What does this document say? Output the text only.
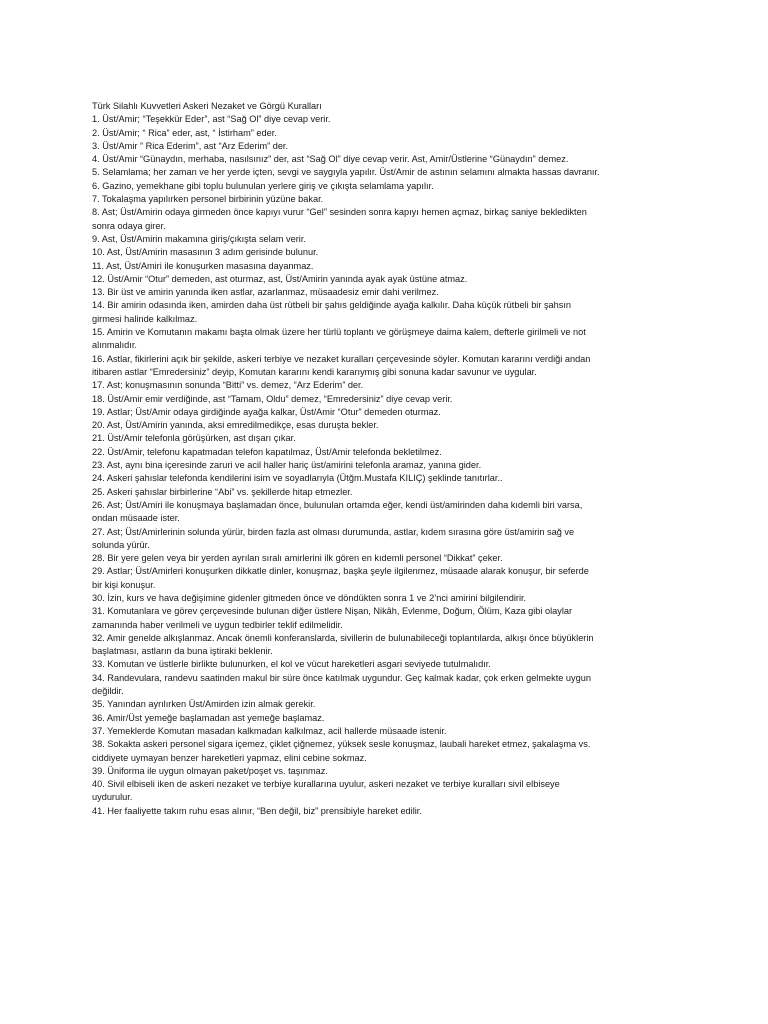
Türk Silahlı Kuvvetleri Askeri Nezaket ve Görgü Kuralları
1. Üst/Amir; “Teşekkür Eder”, ast “Sağ Ol” diye cevap verir.
2. Üst/Amir; “ Rica” eder, ast, “ İstirham” eder.
3. Üst/Amir ” Rica Ederim”, ast “Arz Ederim” der.
4. Üst/Amir “Günaydın, merhaba, nasılsınız” der, ast “Sağ Ol” diye cevap verir. Ast, Amir/Üstlerine “Günaydın” demez.
5. Selamlama; her zaman ve her yerde içten, sevgi ve saygıyla yapılır. Üst/Amir de astının selamını almakta hassas davranır.
6. Gazino, yemekhane gibi toplu bulunulan yerlere giriş ve çıkışta selamlama yapılır.
7. Tokalaşma yapılırken personel birbirinin yüzüne bakar.
8. Ast; Üst/Amirin odaya girmeden önce kapıyı vurur “Gel” sesinden sonra kapıyı hemen açmaz, birkaç saniye bekledikten
sonra odaya girer.
9. Ast, Üst/Amirin makamına giriş/çıkışta selam verir.
10. Ast, Üst/Amirin masasının 3 adım gerisinde bulunur.
11. Ast, Üst/Amiri ile konuşurken masasına dayanmaz.
12. Üst/Amir “Otur” demeden, ast oturmaz, ast, Üst/Amirin yanında ayak ayak üstüne atmaz.
13. Bir üst ve amirin yanında iken astlar, azarlanmaz, müsaadesiz emir dahi verilmez.
14. Bir amirin odasında iken, amirden daha üst rütbeli bir şahıs geldiğinde ayağa kalkılır. Daha küçük rütbeli bir şahsın
girmesi halinde kalkılmaz.
15. Amirin ve Komutanın makamı başta olmak üzere her türlü toplantı ve görüşmeye daima kalem, defterle girilmeli ve not
alınmalıdır.
16. Astlar, fikirlerini açık bir şekilde, askeri terbiye ve nezaket kuralları çerçevesinde söyler. Komutan kararını verdiği andan
itibaren astlar “Emredersiniz” deyip, Komutan kararını kendi kararıymış gibi sonuna kadar savunur ve uygular.
17. Ast; konuşmasının sonunda “Bitti” vs. demez, “Arz Ederim” der.
18. Üst/Amir emir verdiğinde, ast “Tamam, Oldu” demez, “Emredersiniz” diye cevap verir.
19. Astlar; Üst/Amir odaya girdiğinde ayağa kalkar, Üst/Amir “Otur” demeden oturmaz.
20. Ast, Üst/Amirin yanında, aksi emredilmedikçe, esas duruşta bekler.
21. Üst/Amir telefonla görüşürken, ast dışarı çıkar.
22. Üst/Amir, telefonu kapatmadan telefon kapatılmaz, Üst/Amir telefonda bekletilmez.
23. Ast, aynı bina içeresinde zaruri ve acil haller hariç üst/amirini telefonla aramaz, yanına gider.
24. Askeri şahıslar telefonda kendilerini isim ve soyadlarıyla (Ütğm.Mustafa KILIÇ) şeklinde tanıtırlar..
25. Askeri şahıslar birbirlerine “Abi” vs. şekillerde hitap etmezler.
26. Ast; Üst/Amiri ile konuşmaya başlamadan önce, bulunulan ortamda eğer, kendi üst/amirinden daha kıdemli biri varsa,
ondan müsaade ister.
27. Ast; Üst/Amirlerinin solunda yürür, birden fazla ast olması durumunda, astlar, kıdem sırasına göre üst/amirin sağ ve
solunda yürür.
28. Bir yere gelen veya bir yerden ayrılan sıralı amirlerini ilk gören en kıdemli personel “Dikkat” çeker.
29. Astlar; Üst/Amirleri konuşurken dikkatle dinler, konuşmaz, başka şeyle ilgilenmez, müsaade alarak konuşur, bir seferde
bir kişi konuşur.
30. İzin, kurs ve hava değişimine gidenler gitmeden önce ve döndükten sonra 1 ve 2’nci amirini bilgilendirir.
31. Komutanlara ve görev çerçevesinde bulunan diğer üstlere Nişan, Nikâh, Evlenme, Doğum, Ölüm, Kaza gibi olaylar
zamanında haber verilmeli ve uygun tedbirler teklif edilmelidir.
32. Amir genelde alkışlanmaz. Ancak önemli konferanslarda, sivillerin de bulunabileceği toplantılarda, alkışı önce büyüklerin
başlatması, astların da buna iştiraki beklenir.
33. Komutan ve üstlerle birlikte bulunurken, el kol ve vücut hareketleri asgari seviyede tutulmalıdır.
34. Randevulara, randevu saatinden makul bir süre önce katılmak uygundur. Geç kalmak kadar, çok erken gelmekte uygun
değildir.
35. Yanından ayrılırken Üst/Amirden izin almak gerekir.
36. Amir/Üst yemeğe başlamadan ast yemeğe başlamaz.
37. Yemeklerde Komutan masadan kalkmadan kalkılmaz, acil hallerde müsaade istenir.
38. Sokakta askeri personel sigara içemez, çiklet çiğnemez, yüksek sesle konuşmaz, laubali hareket etmez, şakalaşma vs.
ciddiyete uymayan benzer hareketleri yapmaz, elini cebine sokmaz.
39. Üniforma ile uygun olmayan paket/poşet vs. taşınmaz.
40. Sivil elbiseli iken de askeri nezaket ve terbiye kurallarına uyulur, askeri nezaket ve terbiye kuralları sivil elbiseye
uydurulur.
41. Her faaliyette takım ruhu esas alınır, “Ben değil, biz” prensibiyle hareket edilir.
